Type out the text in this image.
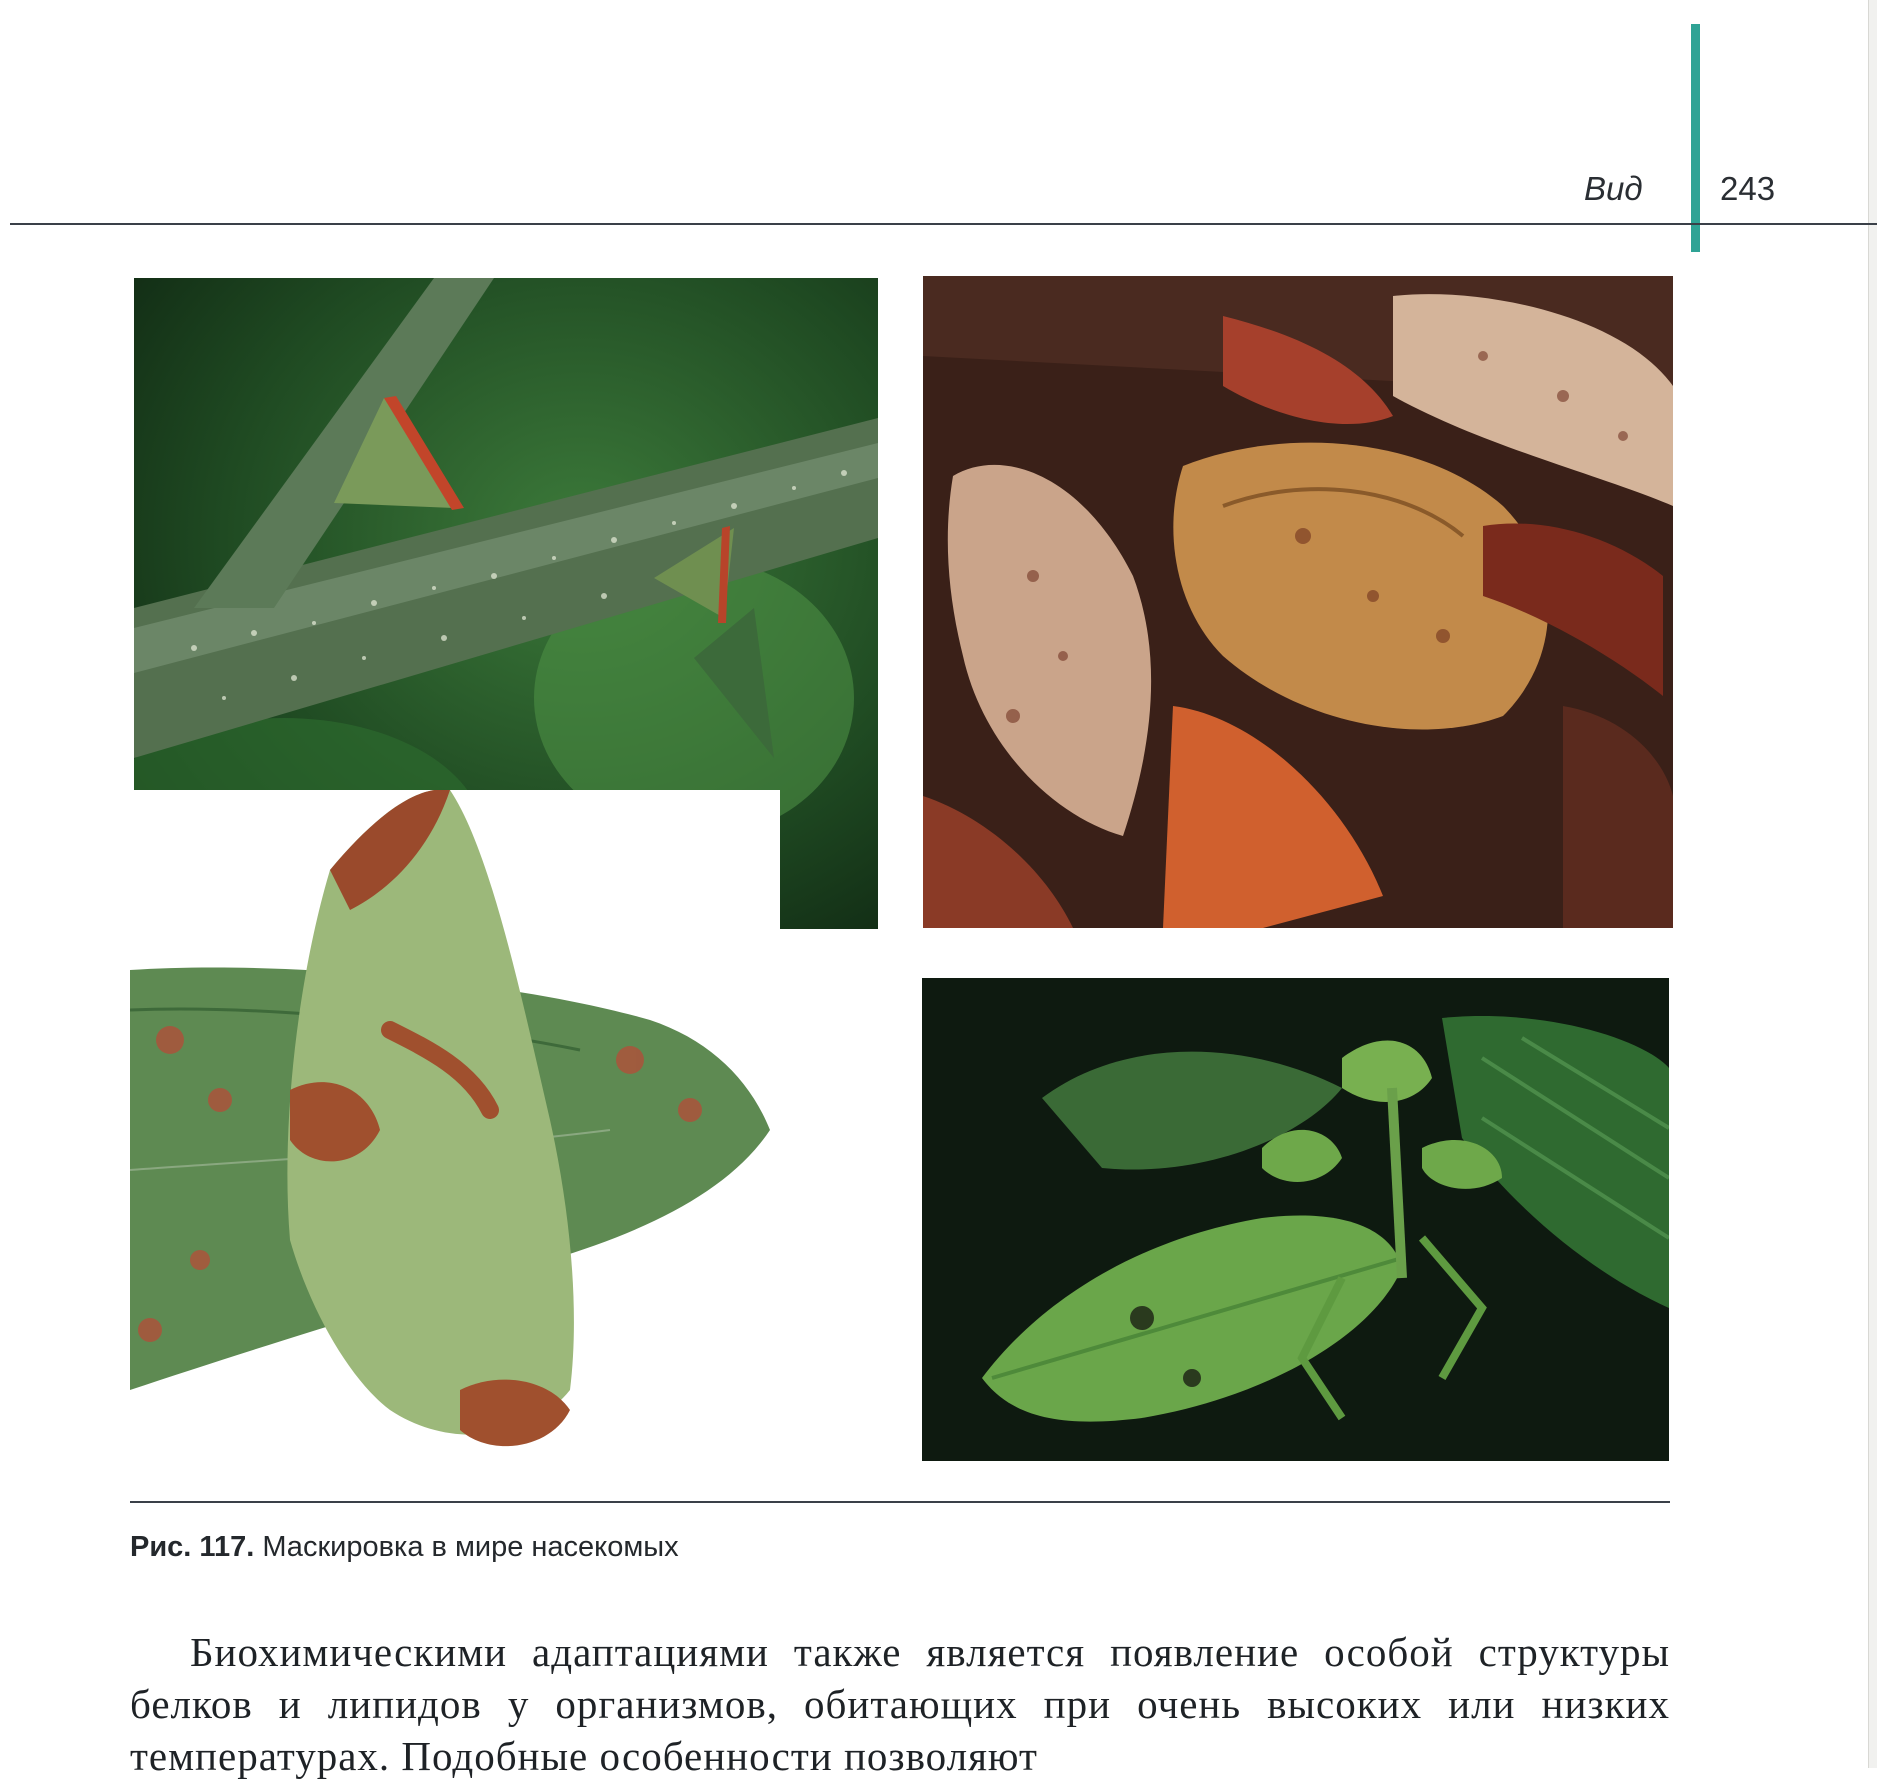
Вид 243
Рис. 117. Маскировка в мире насекомых

Биохимическими адаптациями также является появление особой структуры белков и липидов у организмов, обитающих при очень высоких или низких температурах. Подобные особенности позволяют
